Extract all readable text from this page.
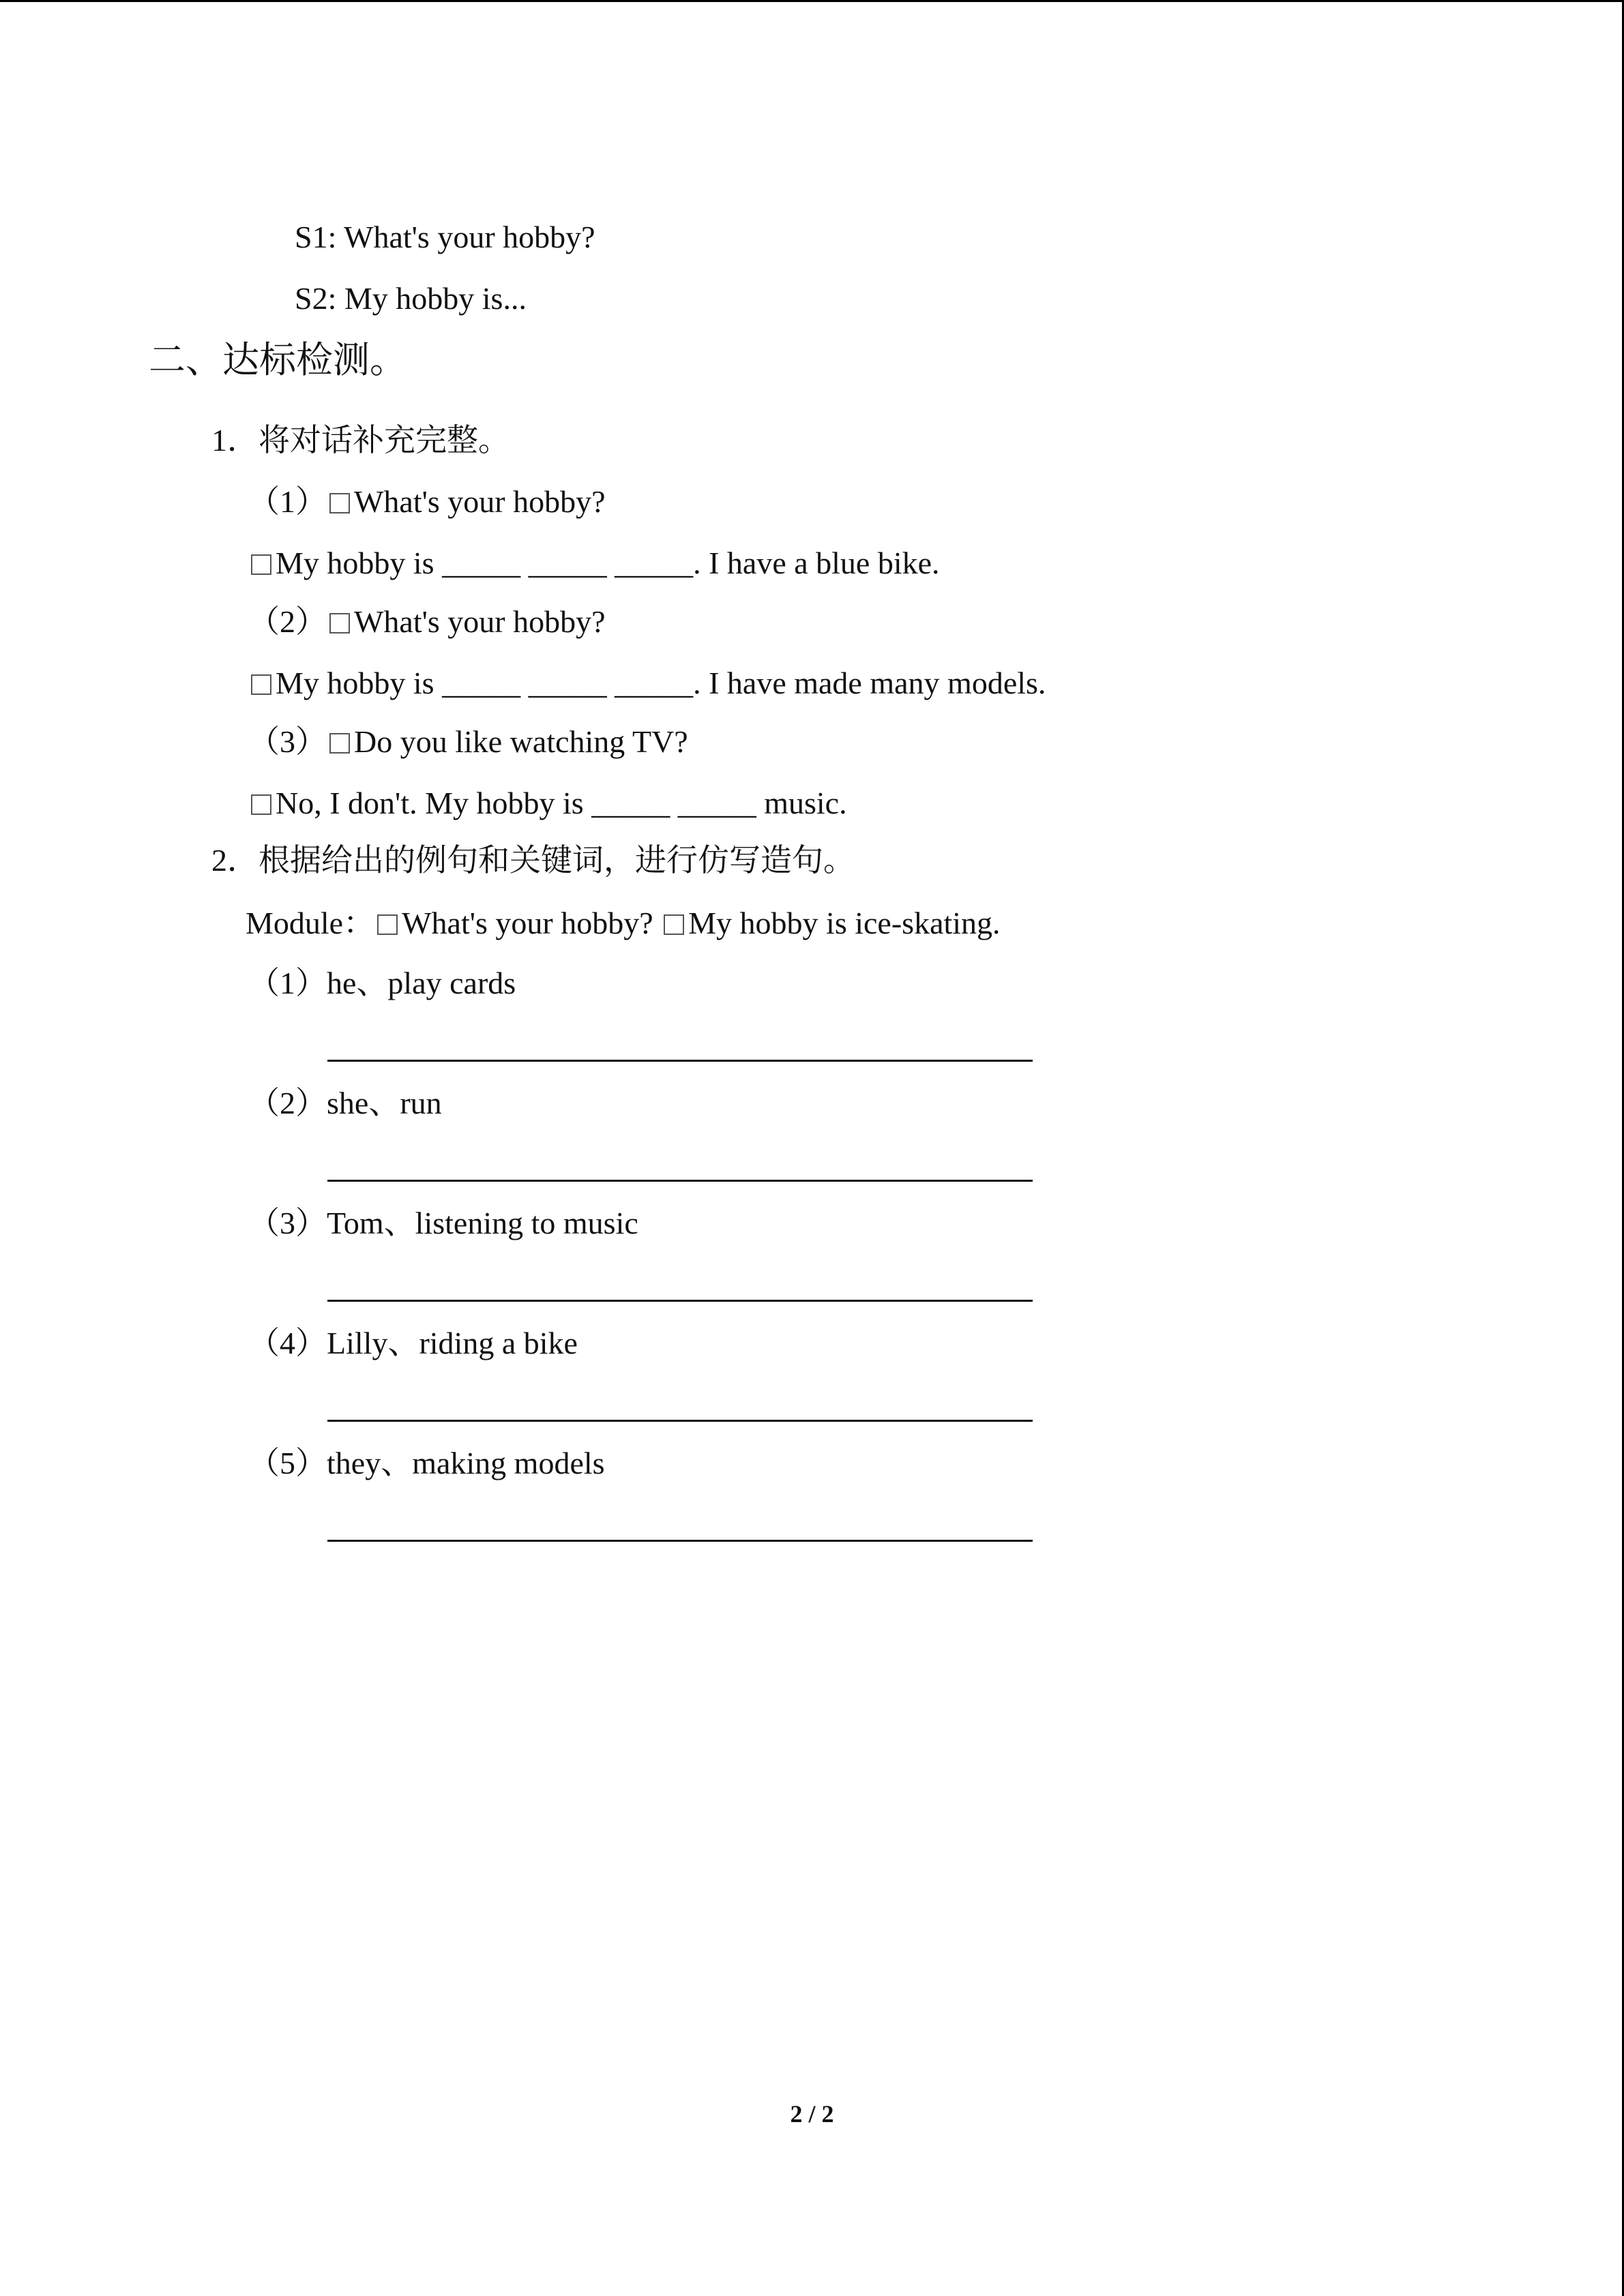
S1: What's your hobby?
S2: My hobby is...
二、达标检测。
1．将对话补充完整。
（1） What's your hobby?
My hobby is _____ _____ _____. I have a blue bike.
（2） What's your hobby?
My hobby is _____ _____ _____. I have made many models.
（3） Do you like watching TV?
No, I don't. My hobby is _____ _____ music.
2．根据给出的例句和关键词，进行仿写造句。
Module： What's your hobby? My hobby is ice-skating.
（1）he、play cards
（2）she、run
（3）Tom、listening to music
（4）Lilly、riding a bike
（5）they、making models
2 / 2
